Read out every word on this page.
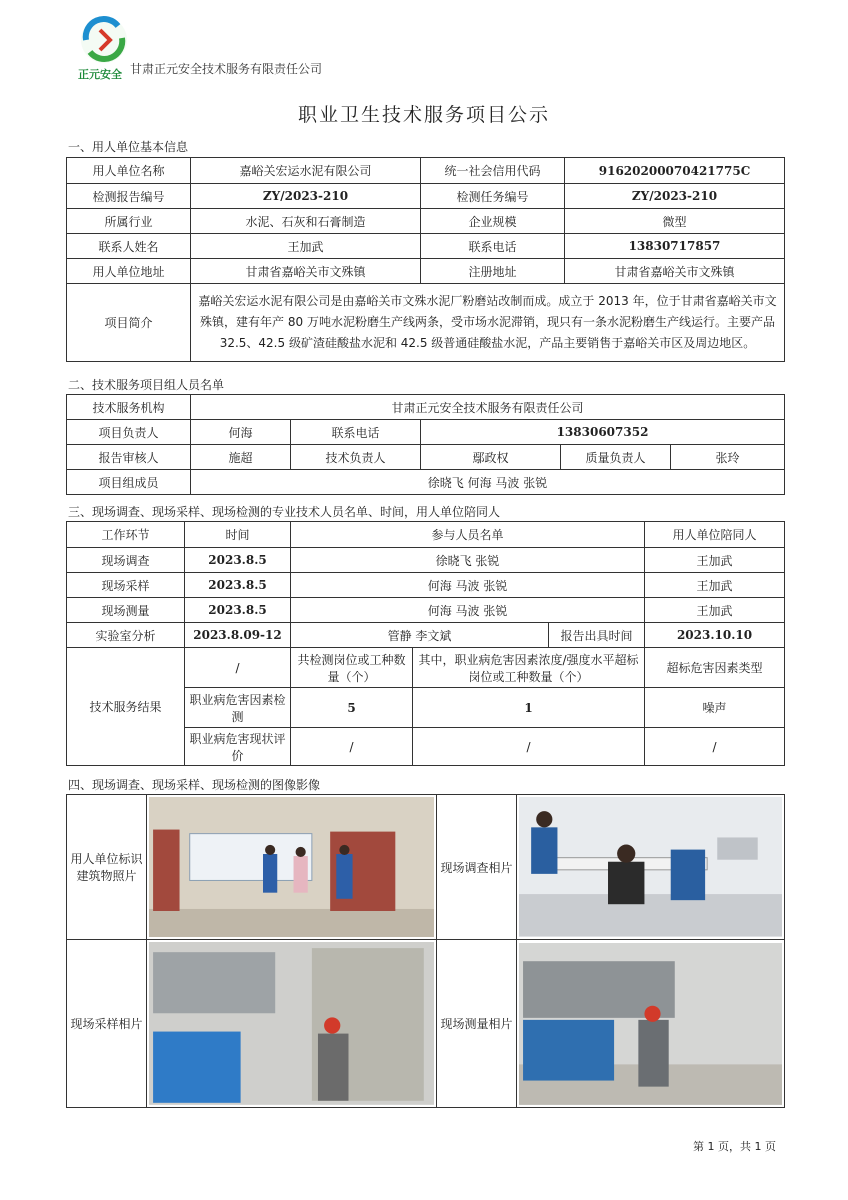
正元安全 甘肃正元安全技术服务有限责任公司
职业卫生技术服务项目公示
一、用人单位基本信息
用人单位名称	嘉峪关宏运水泥有限公司	统一社会信用代码	91620200070421775C
检测报告编号	ZY/2023-210	检测任务编号	ZY/2023-210
所属行业	水泥、石灰和石膏制造	企业规模	微型
联系人姓名	王加武	联系电话	13830717857
用人单位地址	甘肃省嘉峪关市文殊镇	注册地址	甘肃省嘉峪关市文殊镇
项目简介	嘉峪关宏运水泥有限公司是由嘉峪关市文殊水泥厂粉磨站改制而成。成立于 2013 年，位于甘肃省嘉峪关市文殊镇，建有年产 80 万吨水泥粉磨生产线两条，受市场水泥滞销，现只有一条水泥粉磨生产线运行。主要产品 32.5、42.5 级矿渣硅酸盐水泥和 42.5 级普通硅酸盐水泥，产品主要销售于嘉峪关市区及周边地区。		
二、技术服务项目组人员名单
技术服务机构	甘肃正元安全技术服务有限责任公司				
项目负责人	何海	联系电话	13830607352		
报告审核人	施超	技术负责人	鄢政权	质量负责人	张玲
项目组成员	徐晓飞 何海 马波 张锐				
三、现场调查、现场采样、现场检测的专业技术人员名单、时间，用人单位陪同人
工作环节	时间	参与人员名单			用人单位陪同人
现场调查	2023.8.5	徐晓飞 张锐			王加武
现场采样	2023.8.5	何海 马波 张锐			王加武
现场测量	2023.8.5	何海 马波 张锐			王加武
实验室分析	2023.8.09-12	管静 李文斌		报告出具时间	2023.10.10
技术服务结果	/	共检测岗位或工种数量（个）	其中，职业病危害因素浓度/强度水平超标岗位或工种数量（个）		超标危害因素类型
	职业病危害因素检测	5	1		噪声
	职业病危害现状评价	/	/		/
四、现场调查、现场采样、现场检测的图像影像
用人单位标识建筑物照片		现场调查相片	

现场采样相片		现场测量相片	
第 1 页，共 1 页
